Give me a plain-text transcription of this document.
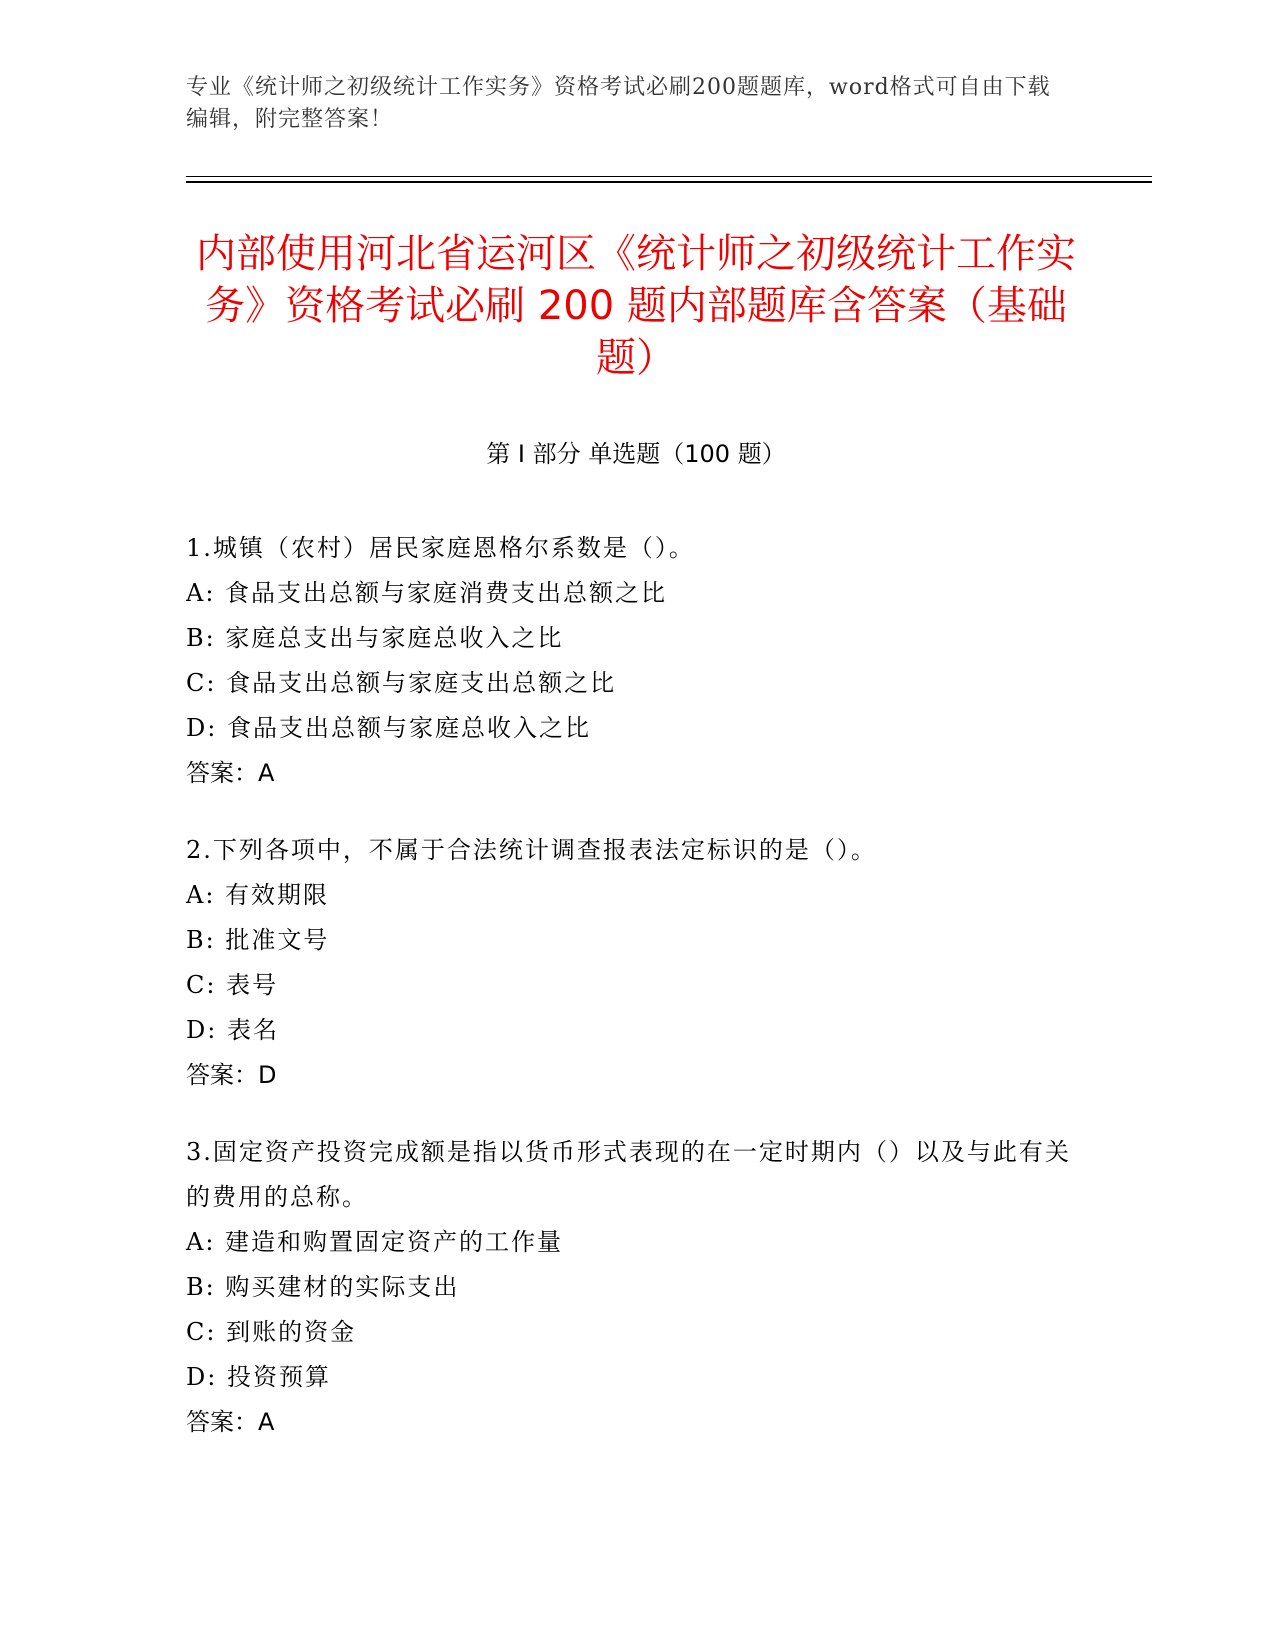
专业《统计师之初级统计工作实务》资格考试必刷200题题库，word格式可自由下载编辑，附完整答案！
内部使用河北省运河区《统计师之初级统计工作实务》资格考试必刷 200 题内部题库含答案（基础题）
第 I 部分 单选题（100 题）
1.城镇（农村）居民家庭恩格尔系数是（）。
A: 食品支出总额与家庭消费支出总额之比
B: 家庭总支出与家庭总收入之比
C: 食品支出总额与家庭支出总额之比
D: 食品支出总额与家庭总收入之比
答案：A
2.下列各项中，不属于合法统计调查报表法定标识的是（）。
A: 有效期限
B: 批准文号
C: 表号
D: 表名
答案：D
3.固定资产投资完成额是指以货币形式表现的在一定时期内（）以及与此有关的费用的总称。
A: 建造和购置固定资产的工作量
B: 购买建材的实际支出
C: 到账的资金
D: 投资预算
答案：A
